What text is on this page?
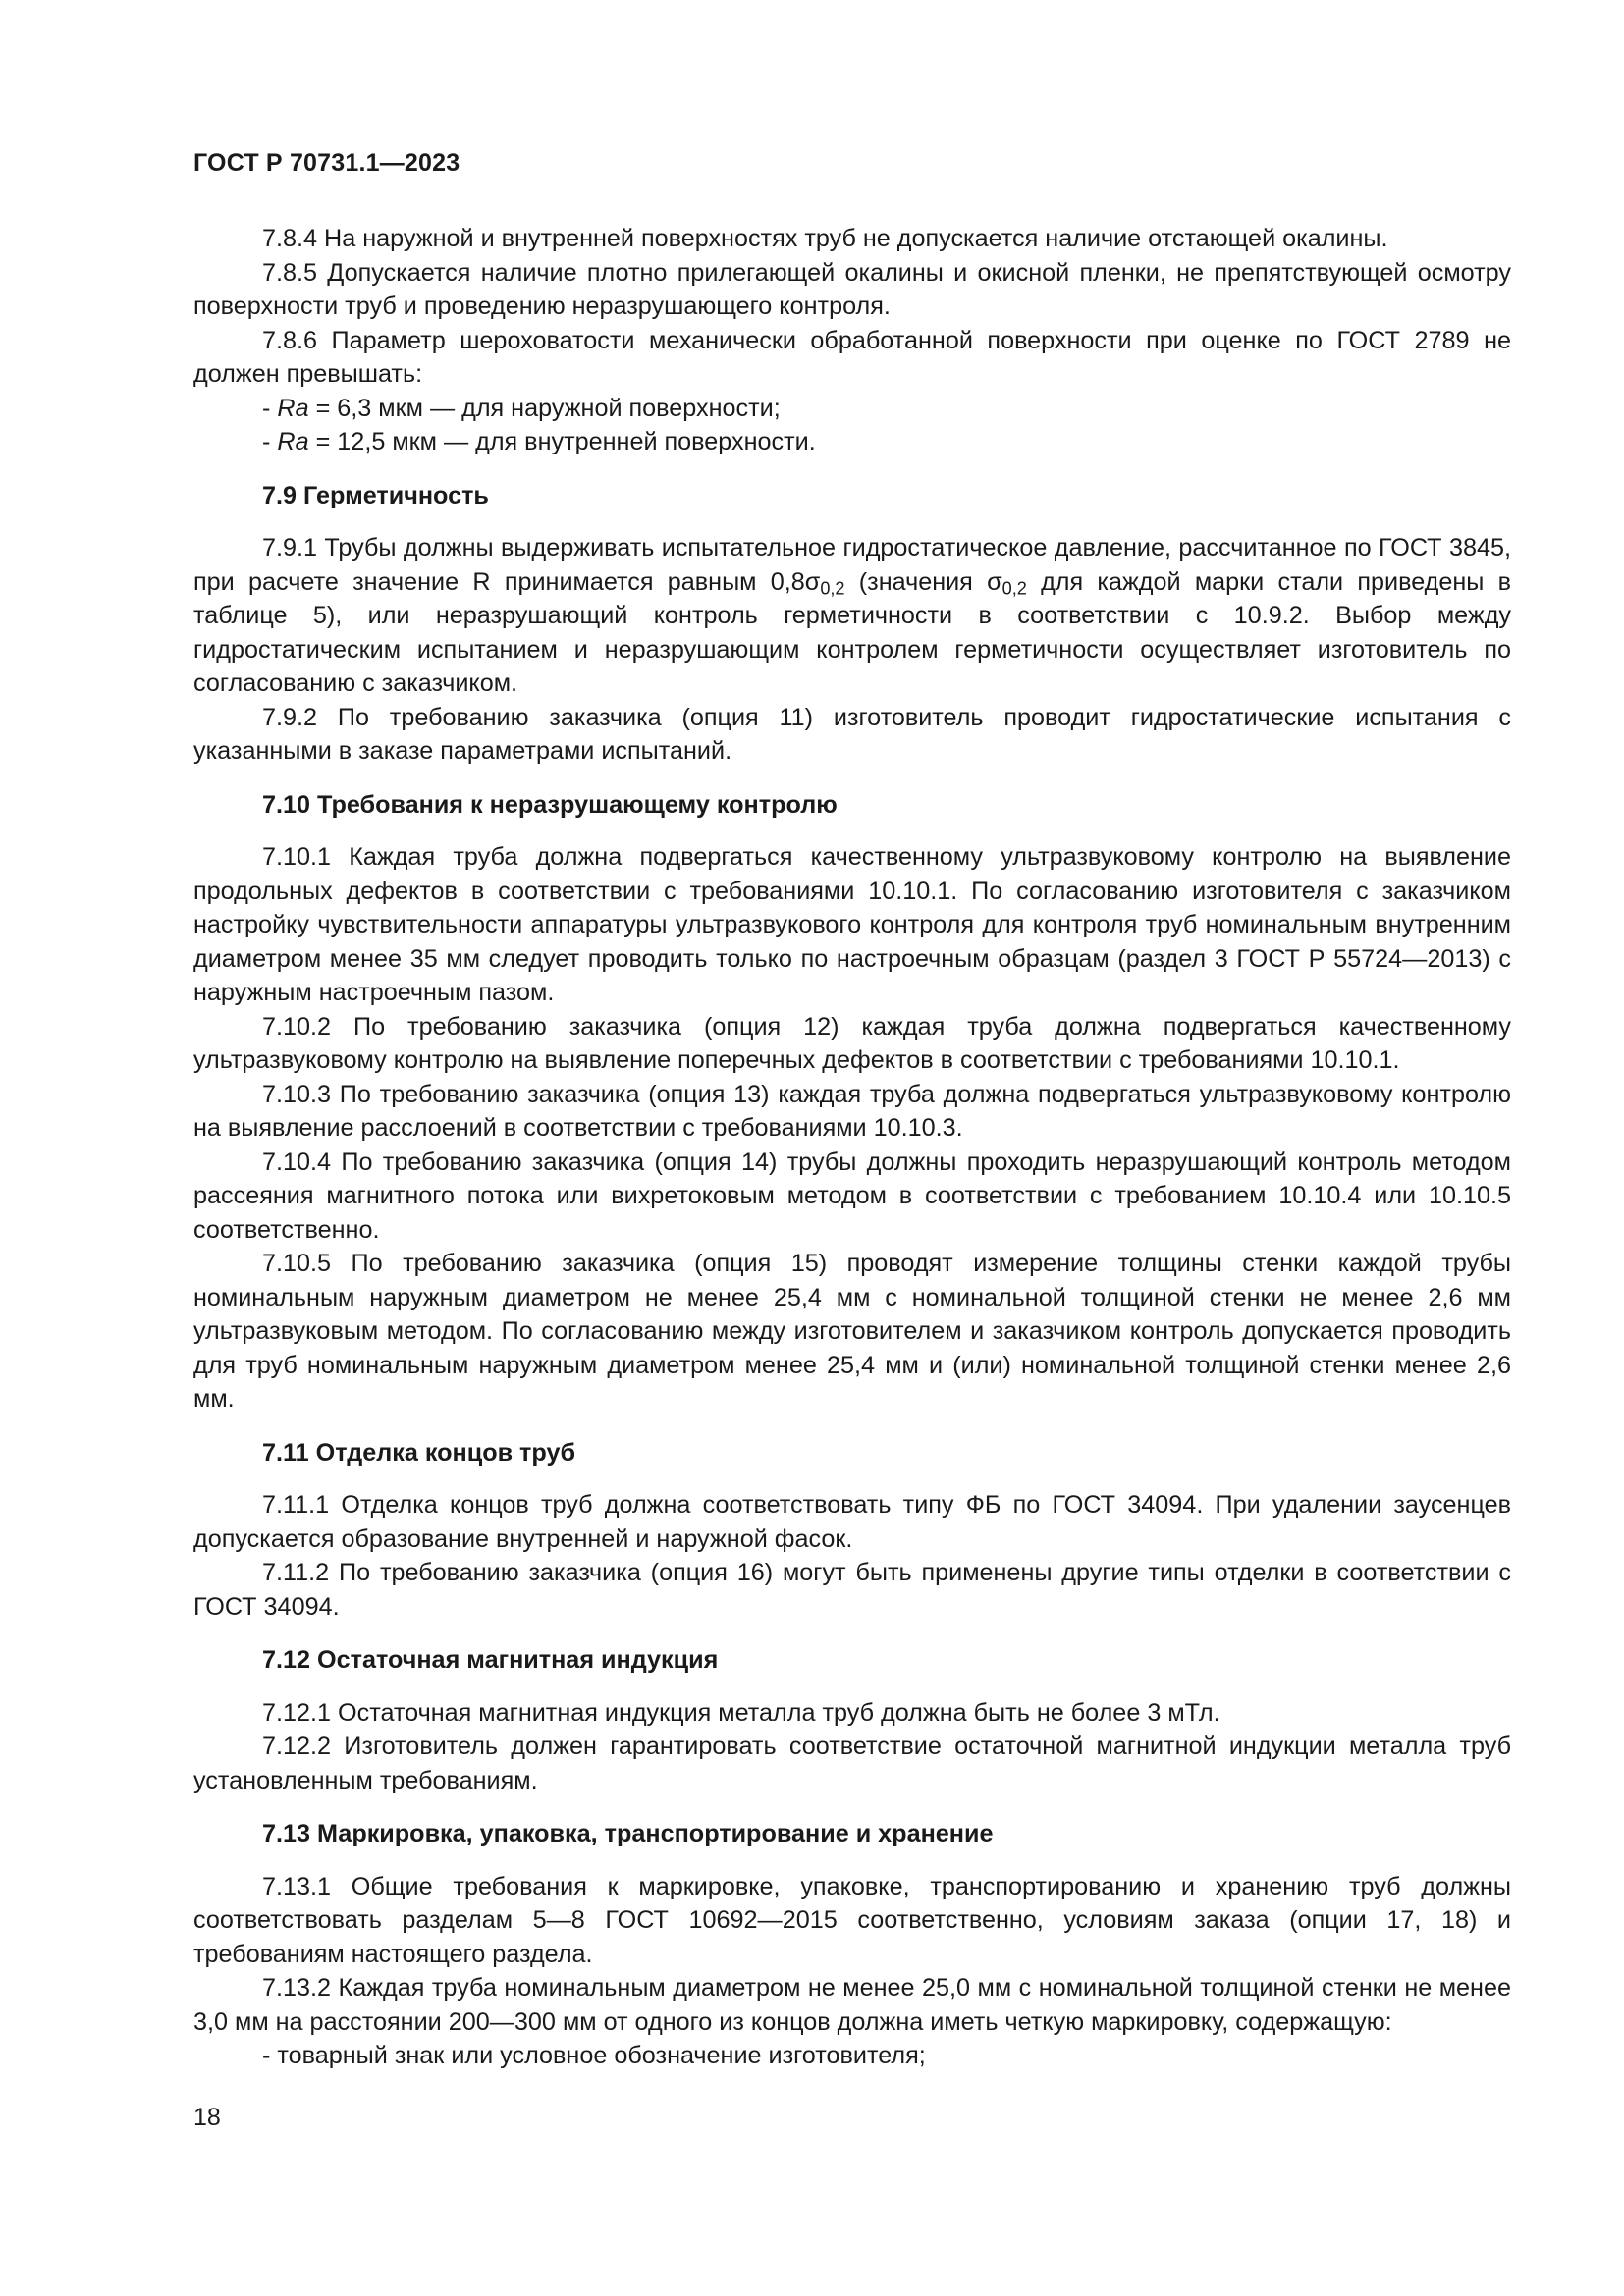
ГОСТ Р 70731.1—2023

7.8.4 На наружной и внутренней поверхностях труб не допускается наличие отстающей окалины.

7.8.5 Допускается наличие плотно прилегающей окалины и окисной пленки, не препятствующей осмотру поверхности труб и проведению неразрушающего контроля.

7.8.6 Параметр шероховатости механически обработанной поверхности при оценке по ГОСТ 2789 не должен превышать:

- Ra = 6,3 мкм — для наружной поверхности;

- Ra = 12,5 мкм — для внутренней поверхности.

7.9 Герметичность

7.9.1 Трубы должны выдерживать испытательное гидростатическое давление, рассчитанное по ГОСТ 3845, при расчете значение R принимается равным $0,8\sigma_{0,2}$ (значения $\sigma_{0,2}$ для каждой марки стали приведены в таблице 5), или неразрушающий контроль герметичности в соответствии с 10.9.2. Выбор между гидростатическим испытанием и неразрушающим контролем герметичности осуществляет изготовитель по согласованию с заказчиком.

7.9.2 По требованию заказчика (опция 11) изготовитель проводит гидростатические испытания с указанными в заказе параметрами испытаний.

7.10 Требования к неразрушающему контролю

7.10.1 Каждая труба должна подвергаться качественному ультразвуковому контролю на выявление продольных дефектов в соответствии с требованиями 10.10.1. По согласованию изготовителя с заказчиком настройку чувствительности аппаратуры ультразвукового контроля для контроля труб номинальным внутренним диаметром менее 35 мм следует проводить только по настроечным образцам (раздел 3 ГОСТ Р 55724—2013) с наружным настроечным пазом.

7.10.2 По требованию заказчика (опция 12) каждая труба должна подвергаться качественному ультразвуковому контролю на выявление поперечных дефектов в соответствии с требованиями 10.10.1.

7.10.3 По требованию заказчика (опция 13) каждая труба должна подвергаться ультразвуковому контролю на выявление расслоений в соответствии с требованиями 10.10.3.

7.10.4 По требованию заказчика (опция 14) трубы должны проходить неразрушающий контроль методом рассеяния магнитного потока или вихретоковым методом в соответствии с требованием 10.10.4 или 10.10.5 соответственно.

7.10.5 По требованию заказчика (опция 15) проводят измерение толщины стенки каждой трубы номинальным наружным диаметром не менее 25,4 мм с номинальной толщиной стенки не менее 2,6 мм ультразвуковым методом. По согласованию между изготовителем и заказчиком контроль допускается проводить для труб номинальным наружным диаметром менее 25,4 мм и (или) номинальной толщиной стенки менее 2,6 мм.

7.11 Отделка концов труб

7.11.1 Отделка концов труб должна соответствовать типу ФБ по ГОСТ 34094. При удалении заусенцев допускается образование внутренней и наружной фасок.

7.11.2 По требованию заказчика (опция 16) могут быть применены другие типы отделки в соответствии с ГОСТ 34094.

7.12 Остаточная магнитная индукция

7.12.1 Остаточная магнитная индукция металла труб должна быть не более 3 мТл.

7.12.2 Изготовитель должен гарантировать соответствие остаточной магнитной индукции металла труб установленным требованиям.

7.13 Маркировка, упаковка, транспортирование и хранение

7.13.1 Общие требования к маркировке, упаковке, транспортированию и хранению труб должны соответствовать разделам 5—8 ГОСТ 10692—2015 соответственно, условиям заказа (опции 17, 18) и требованиям настоящего раздела.

7.13.2 Каждая труба номинальным диаметром не менее 25,0 мм с номинальной толщиной стенки не менее 3,0 мм на расстоянии 200—300 мм от одного из концов должна иметь четкую маркировку, содержащую:

- товарный знак или условное обозначение изготовителя;

18
